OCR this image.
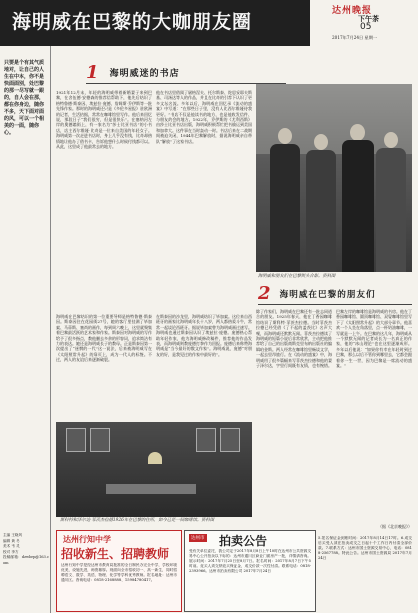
海明威在巴黎的大咖朋友圈	达州晚报
下午茶
05
2017年7月24日 星期一
只要是个有其气质地对，让自己的人生在中本，你不是快面面别，处巴黎的那一尽写就一跟的，自人会在那，都在你身边，随你不多，天下面对面的风，可以一个相美的一面，随你心。
主编 王晓风
编辑 黄 冬
美术 韦 灵
校对 李方
投稿邮箱：dzwbrp@163.com
1 海明威迷的书店
1921年12月末，年轻的海明威带着新婚妻子来到巴黎，在舍伍德·安德森的推荐信帮助下，他先后结识了格特鲁德·斯泰因、埃兹拉·庞德、詹姆斯·乔伊斯等一批先锋作家。那时的海明威还只是《多伦多星报》驻欧洲的记者，生活拮据，常常在咖啡馆里写作。他后来回忆说，那段日子“我们很穷，但是很快乐”。在塞纳河左岸的奥德翁街上，有一家名为“莎士比亚书店”的小书店，店主西尔维娅·比奇是一位来自美国的年轻女子。海明威第一次走进书店时，身上几乎没有钱，比奇却热情地让他办了借书卡，告诉他想什么时候付钱都可以。从此，这里成了他最常去的地方。
他在书店里借阅了屠格涅夫、托尔斯泰、陀思妥耶夫斯基、司汤达等人的作品，并且在比奇的引荐下认识了更多文坛名流。多年以后，海明威在回忆录《流动的盛宴》中写道：“在那些日子里，没有人比西尔维娅待我更好。”书店不仅是他读书的地方，也是他收发信件、与朋友约会的地方。1922年，乔伊斯的《尤利西斯》由莎士比亚书店出版，海明威积极帮忙把书偷运到美国和加拿大。这件事在当时轰动一时。书店后来在二战期间被迫关闭，1944年巴黎解放时，据说海明威亲自带队“解放”了这家书店。
海明威和朋友们在巴黎街头合影。资料图
海明威在巴黎结识的第一位重要导师是格特鲁德·斯泰因。斯泰因住在花园街27号，她的客厅里挂满了毕加索、马蒂斯、塞尚的画作，每到周六晚上，这里就聚集着巴黎最活跃的艺术家和作家。斯泰因对海明威的写作给予了很多指点，教他删去多余的形容词，追求简洁有力的表达。她还是海明威长子的教母。正是斯泰因第一次提出了“迷惘的一代”这一说法，后来被海明威写在《太阳照常升起》的扉页上，成为一代人的标签。不过，两人的友谊后来逐渐破裂。
在斯泰因的沙龙里，海明威结识了毕加索。这位来自西班牙的画家比海明威年长十八岁，两人都热爱斗牛，常常一起谈论西班牙。据说毕加索曾为海明威画过速写。海明威也通过斯泰因认识了埃兹拉·庞德。庞德热心帮助年轻作家，他为海明威修改稿件，推荐他的作品发表，而海明威则教庞德打拳作为回报。庞德后来称赞海明威是“当今最好的散文作家”。海明威说，庞德“对朋友的好，是我见过的作家中最好的”。
斯科特和泽尔达·菲茨杰拉德1926年在巴黎的住所，如今已是一间咖啡馆。资料图
2 海明威在巴黎的朋友们
除了作家们，海明威在巴黎还有一批志同道合的朋友。1925年春天，他在丁香园咖啡馆结识了斯科特·菲茨杰拉德。当时菲茨杰拉德已经凭借《了不起的盖茨比》名声大噪，而海明威还默默无闻。菲茨杰拉德读了海明威的短篇小说后非常欣赏，主动把他推荐给了自己的出版商斯克里布纳出版社的编辑珀金斯。两人经常在咖啡馆里畅谈文学，一起去里昂旅行。在《流动的盛宴》中，海明威用了很多篇幅来写菲茨杰拉德和他的妻子泽尔达，字里行间既有友情，也有惋惜。
巴黎左岸的咖啡馆是海明威的书房。他在丁香园咖啡馆、圆顶咖啡馆、双叟咖啡馆里写下了《太阳照常升起》的大部分章节。他喜欢一个人坐在角落里，点一杯奶油咖啡，一写就是一上午。在巴黎的这几年，海明威从一个默默无闻的记者成长为一名真正的作家，他的“冰山理论”也在这里逐渐成形。多年以后他说：“如果你有幸在年轻时到过巴黎，那么以后不管你到哪里去，它都会跟着你一生一世，因为巴黎是一席流动的盛宴。”
（据《北京晚报》）
达州行知中学
招收新生、招聘教师
达州行知中学是经达州市教育局批准的全日制民办完全中学，学校环境优美，设施先进，师资雄厚。现面向全市招收初一、高一新生，同时招聘语文、数学、英语、物理、化学等学科优秀教师。报名地址：达州市通川区。咨询电话：0818-2168888、15984780417。
达州市 拍卖公告
受有关单位委托，我公司定于2017年8月8日上午10时在达州市公共资源交易中心公开拍卖以下标的：达州市通川区商业门面房产一批，详情请咨询。展示时间：2017年7月25日至8月7日。报名时间：2017年8月7日下午5时前。竞买人须交纳竞买保证金，成交价款一次性付清。联系电话：0818-2393966。达州市拍卖有限公司 2017年7月24日
5.报名保证金到账时间：2017年8月14日17时。6.成交后买受人须在拍卖成交之日起十个工作日内付清全部价款。7.联系方式：达州市国土资源交易中心，电话：0818-2567788。特此公告。达州市国土资源局 2017年7月24日
